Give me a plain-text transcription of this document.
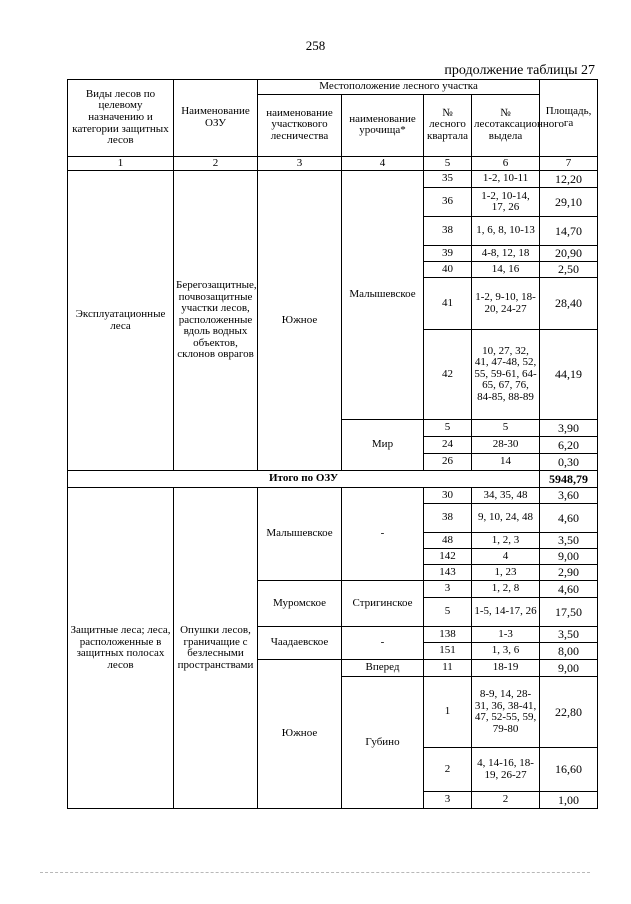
258
продолжение таблицы 27
Виды лесов по целевому назначению и категории защитных лесов	Наименование ОЗУ	Местоположение лесного участка				Площадь, га
		наименование участкового лесничества	наименование урочища*	№ лесного квартала	№ лесотаксационного выдела	
1	2	3	4	5	6	7
Эксплуатационные леса	Берегозащитные, почвозащитные участки лесов, расположенные вдоль водных объектов, склонов оврагов	Южное	Малышевское	35	1-2, 10-11	12,20
				36	1-2, 10-14, 17, 26	29,10
				38	1, 6, 8, 10-13	14,70
				39	4-8, 12, 18	20,90
				40	14, 16	2,50
				41	1-2, 9-10, 18-20, 24-27	28,40
				42	10, 27, 32, 41, 47-48, 52, 55, 59-61, 64-65, 67, 76, 84-85, 88-89	44,19
			Мир	5	5	3,90
				24	28-30	6,20
				26	14	0,30
Итого по ОЗУ						5948,79
Защитные леса; леса, расположенные в защитных полосах лесов	Опушки лесов, граничащие с безлесными пространствами	Малышевское	-	30	34, 35, 48	3,60
				38	9, 10, 24, 48	4,60
				48	1, 2, 3	3,50
				142	4	9,00
				143	1, 23	2,90
		Муромское	Стригинское	3	1, 2, 8	4,60
				5	1-5, 14-17, 26	17,50
		Чаадаевское	-	138	1-3	3,50
				151	1, 3, 6	8,00
		Южное	Вперед	11	18-19	9,00
			Губино	1	8-9, 14, 28-31, 36, 38-41, 47, 52-55, 59, 79-80	22,80
				2	4, 14-16, 18-19, 26-27	16,60
				3	2	1,00
